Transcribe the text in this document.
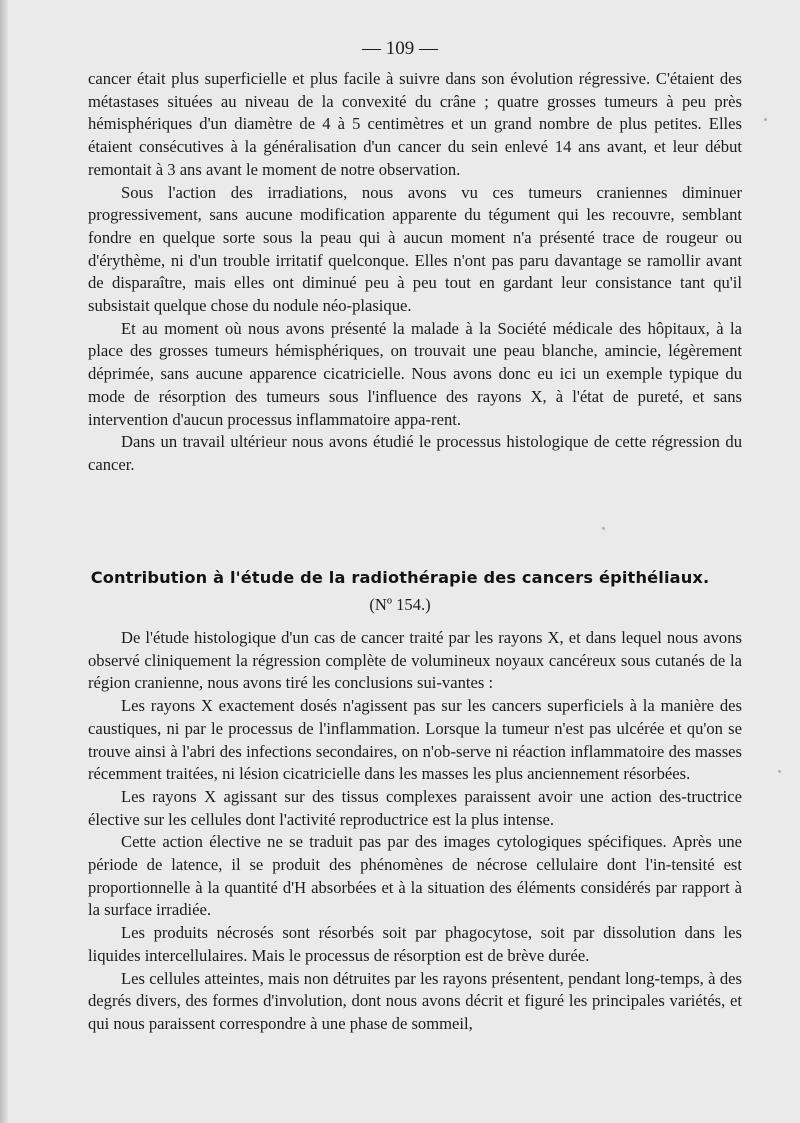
— 109 —

cancer était plus superficielle et plus facile à suivre dans son évolution régressive. C'étaient des métastases situées au niveau de la convexité du crâne ; quatre grosses tumeurs à peu près hémisphériques d'un diamètre de 4 à 5 centimètres et un grand nombre de plus petites. Elles étaient consécutives à la généralisation d'un cancer du sein enlevé 14 ans avant, et leur début remontait à 3 ans avant le moment de notre observation.

Sous l'action des irradiations, nous avons vu ces tumeurs craniennes diminuer progressivement, sans aucune modification apparente du tégument qui les recouvre, semblant fondre en quelque sorte sous la peau qui à aucun moment n'a présenté trace de rougeur ou d'érythème, ni d'un trouble irritatif quelconque. Elles n'ont pas paru davantage se ramollir avant de disparaître, mais elles ont diminué peu à peu tout en gardant leur consistance tant qu'il subsistait quelque chose du nodule néo-plasique.

Et au moment où nous avons présenté la malade à la Société médicale des hôpitaux, à la place des grosses tumeurs hémisphériques, on trouvait une peau blanche, amincie, légèrement déprimée, sans aucune apparence cicatricielle. Nous avons donc eu ici un exemple typique du mode de résorption des tumeurs sous l'influence des rayons X, à l'état de pureté, et sans intervention d'aucun processus inflammatoire appa-rent.

Dans un travail ultérieur nous avons étudié le processus histologique de cette régression du cancer.

Contribution à l'étude de la radiothérapie des cancers épithéliaux.
(Nº 154.)

De l'étude histologique d'un cas de cancer traité par les rayons X, et dans lequel nous avons observé cliniquement la régression complète de volumineux noyaux cancéreux sous cutanés de la région cranienne, nous avons tiré les conclusions sui-vantes :

Les rayons X exactement dosés n'agissent pas sur les cancers superficiels à la manière des caustiques, ni par le processus de l'inflammation. Lorsque la tumeur n'est pas ulcérée et qu'on se trouve ainsi à l'abri des infections secondaires, on n'ob-serve ni réaction inflammatoire des masses récemment traitées, ni lésion cicatricielle dans les masses les plus anciennement résorbées.

Les rayons X agissant sur des tissus complexes paraissent avoir une action des-tructrice élective sur les cellules dont l'activité reproductrice est la plus intense.

Cette action élective ne se traduit pas par des images cytologiques spécifiques. Après une période de latence, il se produit des phénomènes de nécrose cellulaire dont l'in-tensité est proportionnelle à la quantité d'H absorbées et à la situation des éléments considérés par rapport à la surface irradiée.

Les produits nécrosés sont résorbés soit par phagocytose, soit par dissolution dans les liquides intercellulaires. Mais le processus de résorption est de brève durée.

Les cellules atteintes, mais non détruites par les rayons présentent, pendant long-temps, à des degrés divers, des formes d'involution, dont nous avons décrit et figuré les principales variétés, et qui nous paraissent correspondre à une phase de sommeil,
